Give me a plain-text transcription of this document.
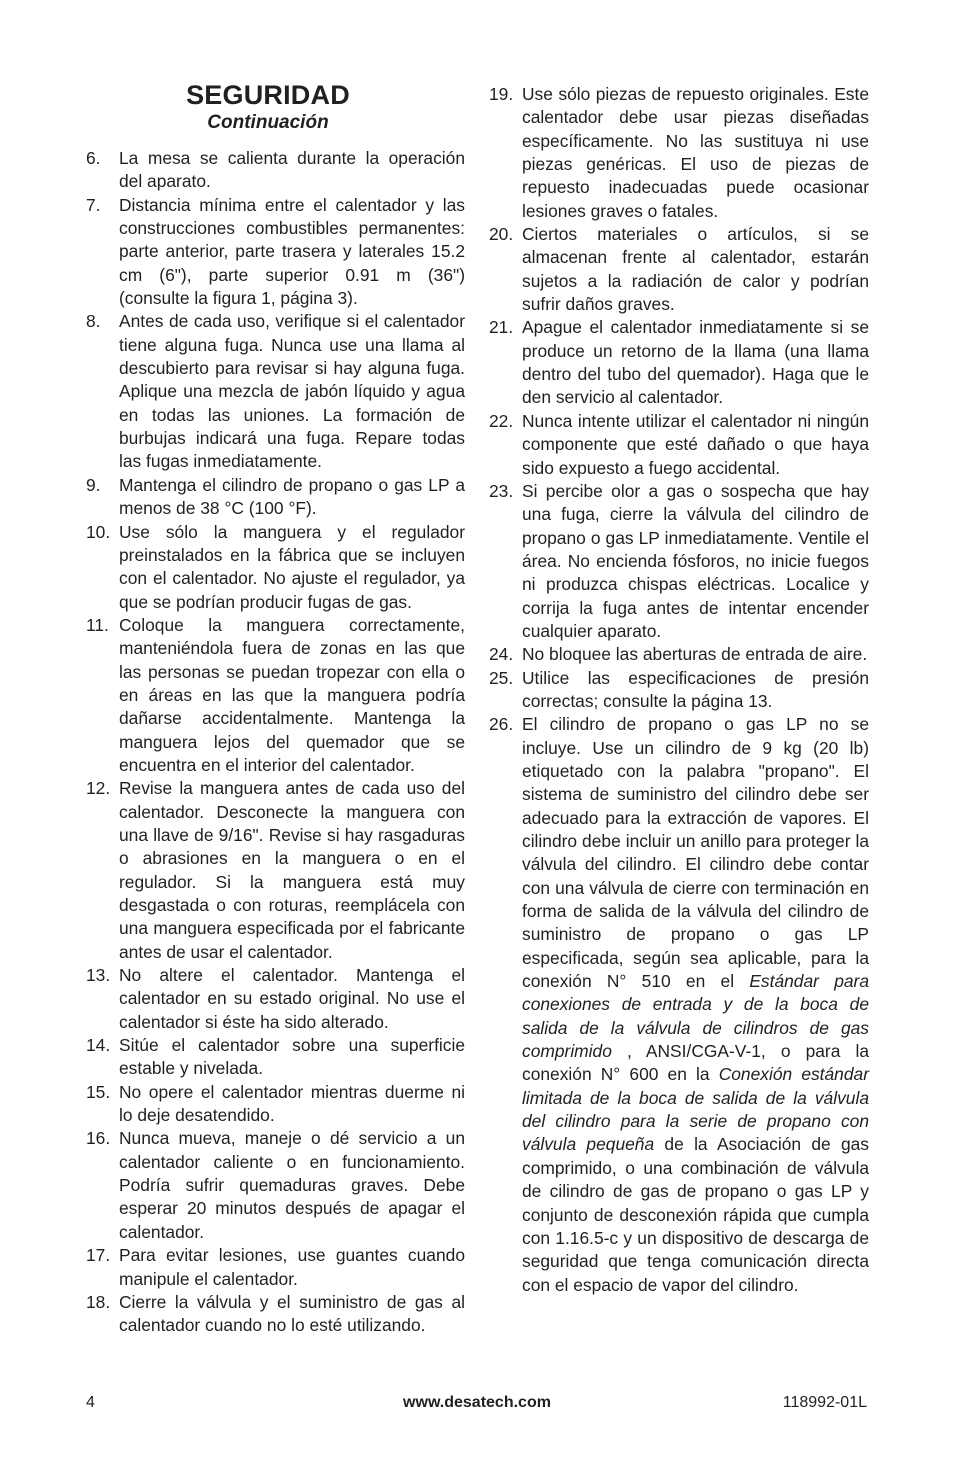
SEGURIDAD
Continuación
6.	La mesa se calienta durante la operación del aparato.
7.	Distancia mínima entre el calentador y las construcciones combustibles permanentes: parte anterior, parte trasera y laterales 15.2 cm (6"), parte superior 0.91 m (36") (consulte la figura 1, página 3).
8.	Antes de cada uso, verifique si el calentador tiene alguna fuga. Nunca use una llama al descubierto para revisar si hay alguna fuga. Aplique una mezcla de jabón líquido y agua en todas las uniones. La formación de burbujas indicará una fuga. Repare todas las fugas inmediatamente.
9.	Mantenga el cilindro de propano o gas LP a menos de 38 °C (100 °F).
10. Use sólo la manguera y el regulador preinstalados en la fábrica que se incluyen con el calentador. No ajuste el regulador, ya que se podrían producir fugas de gas.
11. Coloque la manguera correctamente, manteniéndola fuera de zonas en las que las personas se puedan tropezar con ella o en áreas en las que la manguera podría dañarse accidentalmente. Mantenga la manguera lejos del quemador que se encuentra en el interior del calentador.
12. Revise la manguera antes de cada uso del calentador. Desconecte la manguera con una llave de 9/16". Revise si hay rasgaduras o abrasiones en la manguera o en el regulador. Si la manguera está muy desgastada o con roturas, reemplácela con una manguera especificada por el fabricante antes de usar el calentador.
13. No altere el calentador. Mantenga el calentador en su estado original. No use el calentador si éste ha sido alterado.
14. Sitúe el calentador sobre una superficie estable y nivelada.
15. No opere el calentador mientras duerme ni lo deje desatendido.
16. Nunca mueva, maneje o dé servicio a un calentador caliente o en funcionamiento. Podría sufrir quemaduras graves. Debe esperar 20 minutos después de apagar el calentador.
17. Para evitar lesiones, use guantes cuando manipule el calentador.
18. Cierre la válvula y el suministro de gas al calentador cuando no lo esté utilizando.
19. Use sólo piezas de repuesto originales. Este calentador debe usar piezas diseñadas específicamente. No las sustituya ni use piezas genéricas. El uso de piezas de repuesto inadecuadas puede ocasionar lesiones graves o fatales.
20. Ciertos materiales o artículos, si se almacenan frente al calentador, estarán sujetos a la radiación de calor y podrían sufrir daños graves.
21. Apague el calentador inmediatamente si se produce un retorno de la llama (una llama dentro del tubo del quemador). Haga que le den servicio al calentador.
22. Nunca intente utilizar el calentador ni ningún componente que esté dañado o que haya sido expuesto a fuego accidental.
23. Si percibe olor a gas o sospecha que hay una fuga, cierre la válvula del cilindro de propano o gas LP inmediatamente. Ventile el área. No encienda fósforos, no inicie fuegos ni produzca chispas eléctricas. Localice y corrija la fuga antes de intentar encender cualquier aparato.
24. No bloquee las aberturas de entrada de aire.
25. Utilice las especificaciones de presión correctas; consulte la página 13.
26. El cilindro de propano o gas LP no se incluye. Use un cilindro de 9 kg (20 lb) etiquetado con la palabra "propano". El sistema de suministro del cilindro debe ser adecuado para la extracción de vapores. El cilindro debe incluir un anillo para proteger la válvula del cilindro. El cilindro debe contar con una válvula de cierre con terminación en forma de salida de la válvula del cilindro de suministro de propano o gas LP especificada, según sea aplicable, para la conexión N° 510 en el Estándar para conexiones de entrada y de la boca de salida de la válvula de cilindros de gas comprimido , ANSI/CGA-V-1, o para la conexión N° 600 en la Conexión estándar limitada de la boca de salida de la válvula del cilindro para la serie de propano con válvula pequeña de la Asociación de gas comprimido, o una combinación de válvula de cilindro de gas de propano o gas LP y conjunto de desconexión rápida que cumpla con 1.16.5-c y un dispositivo de descarga de seguridad que tenga comunicación directa con el espacio de vapor del cilindro.
4	www.desatech.com	118992-01L
